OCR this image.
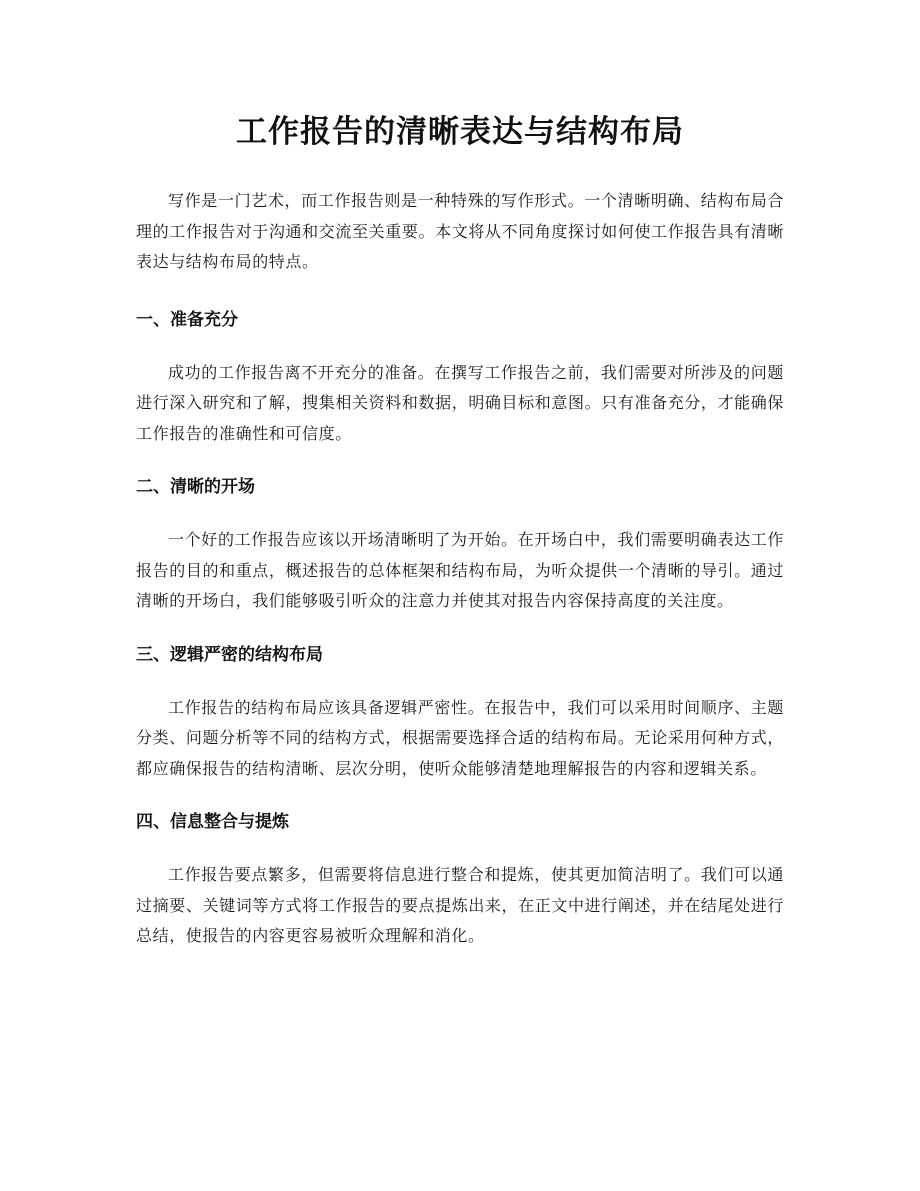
工作报告的清晰表达与结构布局

写作是一门艺术，而工作报告则是一种特殊的写作形式。一个清晰明确、结构布局合理的工作报告对于沟通和交流至关重要。本文将从不同角度探讨如何使工作报告具有清晰表达与结构布局的特点。

一、准备充分

成功的工作报告离不开充分的准备。在撰写工作报告之前，我们需要对所涉及的问题进行深入研究和了解，搜集相关资料和数据，明确目标和意图。只有准备充分，才能确保工作报告的准确性和可信度。

二、清晰的开场

一个好的工作报告应该以开场清晰明了为开始。在开场白中，我们需要明确表达工作报告的目的和重点，概述报告的总体框架和结构布局，为听众提供一个清晰的导引。通过清晰的开场白，我们能够吸引听众的注意力并使其对报告内容保持高度的关注度。

三、逻辑严密的结构布局

工作报告的结构布局应该具备逻辑严密性。在报告中，我们可以采用时间顺序、主题分类、问题分析等不同的结构方式，根据需要选择合适的结构布局。无论采用何种方式，都应确保报告的结构清晰、层次分明，使听众能够清楚地理解报告的内容和逻辑关系。

四、信息整合与提炼

工作报告要点繁多，但需要将信息进行整合和提炼，使其更加简洁明了。我们可以通过摘要、关键词等方式将工作报告的要点提炼出来，在正文中进行阐述，并在结尾处进行总结，使报告的内容更容易被听众理解和消化。
